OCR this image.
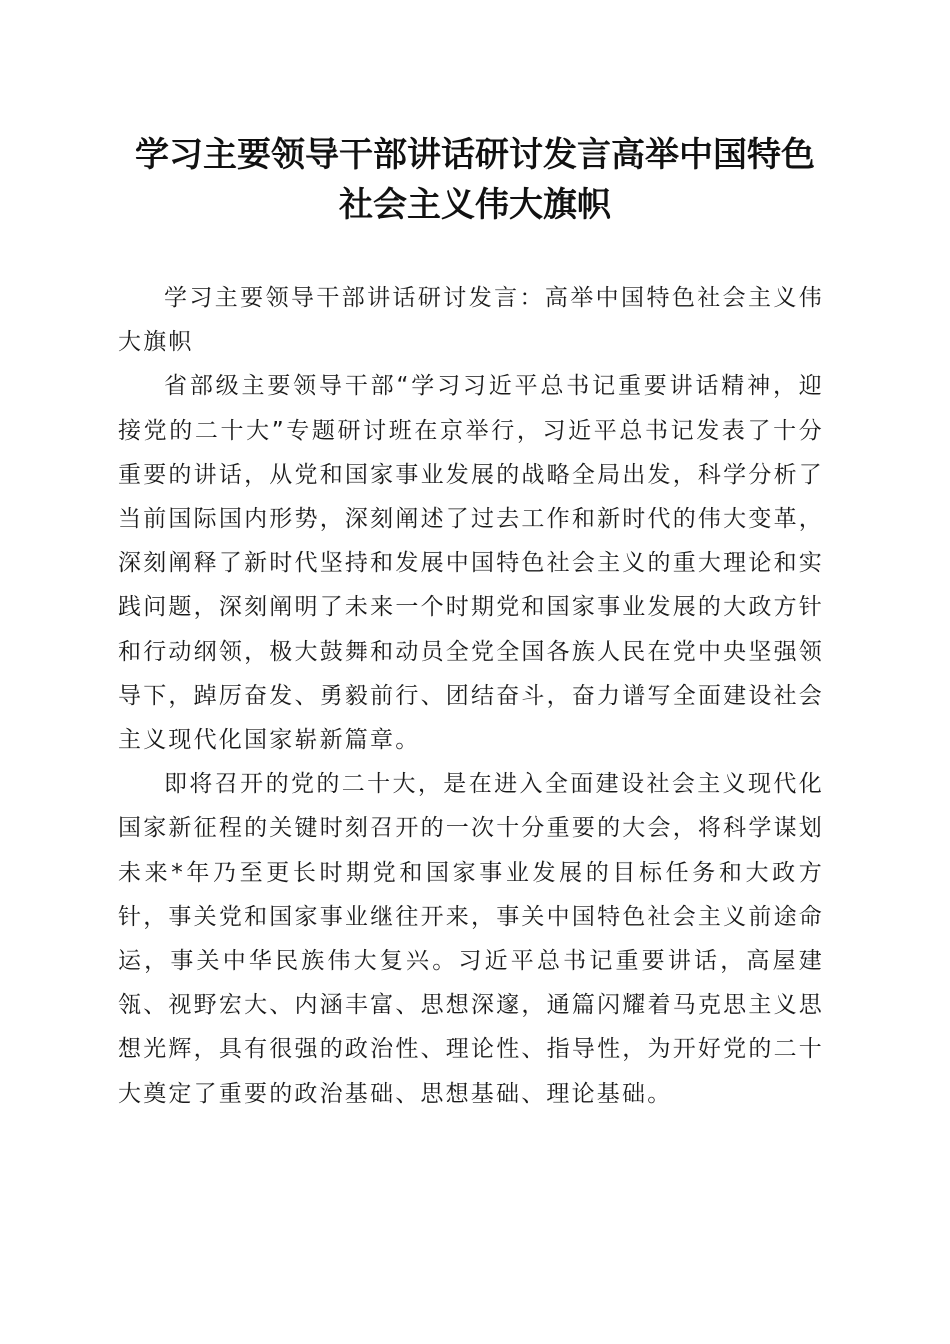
学习主要领导干部讲话研讨发言高举中国特色
社会主义伟大旗帜

学习主要领导干部讲话研讨发言：高举中国特色社会主义伟大旗帜

省部级主要领导干部“学习习近平总书记重要讲话精神，迎接党的二十大”专题研讨班在京举行，习近平总书记发表了十分重要的讲话，从党和国家事业发展的战略全局出发，科学分析了当前国际国内形势，深刻阐述了过去工作和新时代的伟大变革，深刻阐释了新时代坚持和发展中国特色社会主义的重大理论和实践问题，深刻阐明了未来一个时期党和国家事业发展的大政方针和行动纲领，极大鼓舞和动员全党全国各族人民在党中央坚强领导下，踔厉奋发、勇毅前行、团结奋斗，奋力谱写全面建设社会主义现代化国家崭新篇章。

即将召开的党的二十大，是在进入全面建设社会主义现代化国家新征程的关键时刻召开的一次十分重要的大会，将科学谋划未来*年乃至更长时期党和国家事业发展的目标任务和大政方针，事关党和国家事业继往开来，事关中国特色社会主义前途命运，事关中华民族伟大复兴。习近平总书记重要讲话，高屋建瓴、视野宏大、内涵丰富、思想深邃，通篇闪耀着马克思主义思想光辉，具有很强的政治性、理论性、指导性，为开好党的二十大奠定了重要的政治基础、思想基础、理论基础。
